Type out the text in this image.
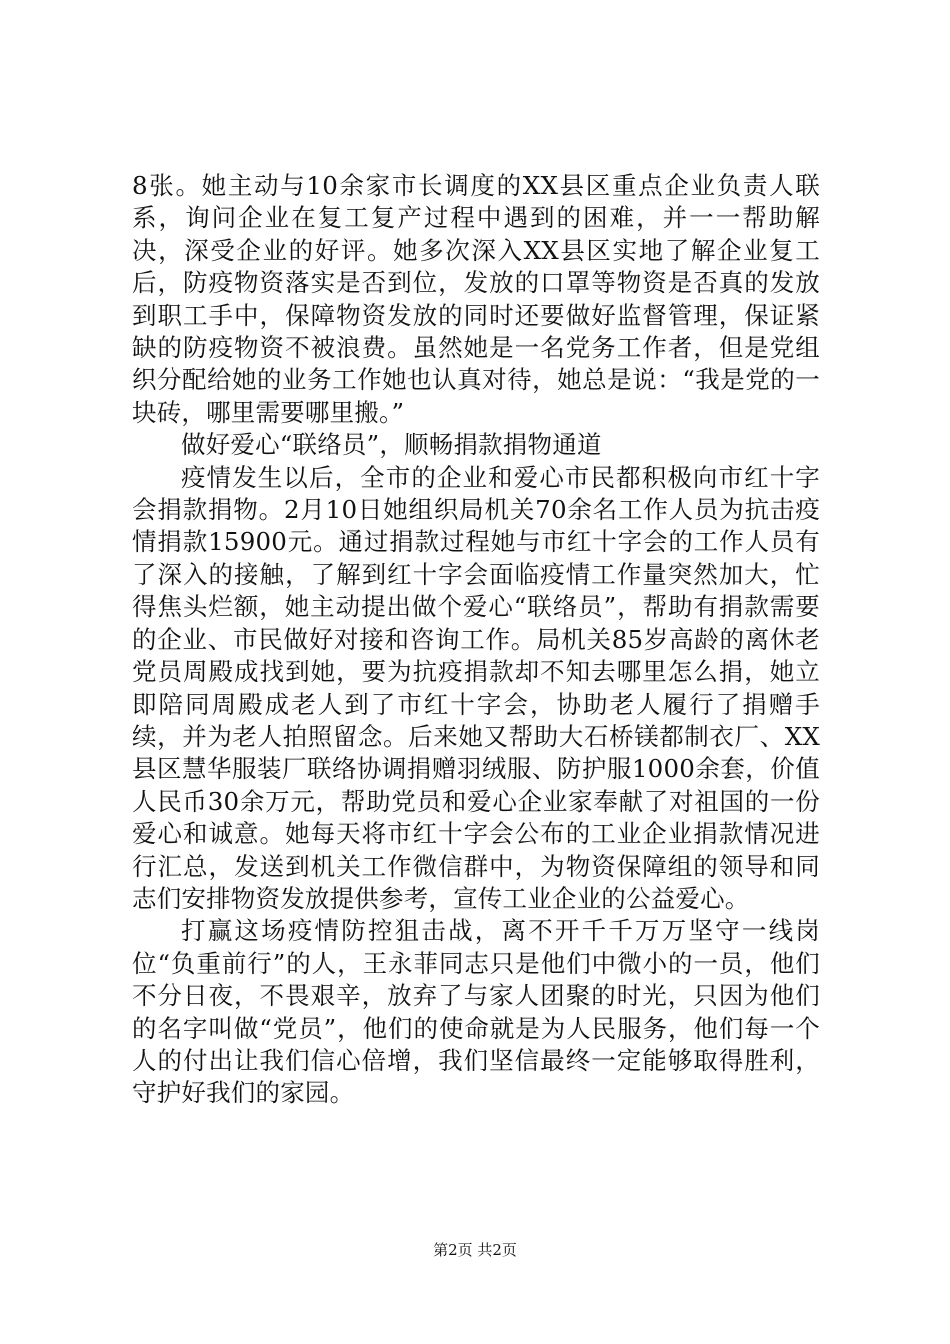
8张。她主动与10余家市长调度的XX县区重点企业负责人联系，询问企业在复工复产过程中遇到的困难，并一一帮助解决，深受企业的好评。她多次深入XX县区实地了解企业复工后，防疫物资落实是否到位，发放的口罩等物资是否真的发放到职工手中，保障物资发放的同时还要做好监督管理，保证紧缺的防疫物资不被浪费。虽然她是一名党务工作者，但是党组织分配给她的业务工作她也认真对待，她总是说：“我是党的一块砖，哪里需要哪里搬。”

做好爱心“联络员”，顺畅捐款捐物通道

疫情发生以后，全市的企业和爱心市民都积极向市红十字会捐款捐物。2月10日她组织局机关70余名工作人员为抗击疫情捐款15900元。通过捐款过程她与市红十字会的工作人员有了深入的接触，了解到红十字会面临疫情工作量突然加大，忙得焦头烂额，她主动提出做个爱心“联络员”，帮助有捐款需要的企业、市民做好对接和咨询工作。局机关85岁高龄的离休老党员周殿成找到她，要为抗疫捐款却不知去哪里怎么捐，她立即陪同周殿成老人到了市红十字会，协助老人履行了捐赠手续，并为老人拍照留念。后来她又帮助大石桥镁都制衣厂、XX县区慧华服装厂联络协调捐赠羽绒服、防护服1000余套，价值人民币30余万元，帮助党员和爱心企业家奉献了对祖国的一份爱心和诚意。她每天将市红十字会公布的工业企业捐款情况进行汇总，发送到机关工作微信群中，为物资保障组的领导和同志们安排物资发放提供参考，宣传工业企业的公益爱心。

打赢这场疫情防控狙击战，离不开千千万万坚守一线岗位“负重前行”的人，王永菲同志只是他们中微小的一员，他们不分日夜，不畏艰辛，放弃了与家人团聚的时光，只因为他们的名字叫做“党员”，他们的使命就是为人民服务，他们每一个人的付出让我们信心倍增，我们坚信最终一定能够取得胜利，守护好我们的家园。

第2页 共2页
